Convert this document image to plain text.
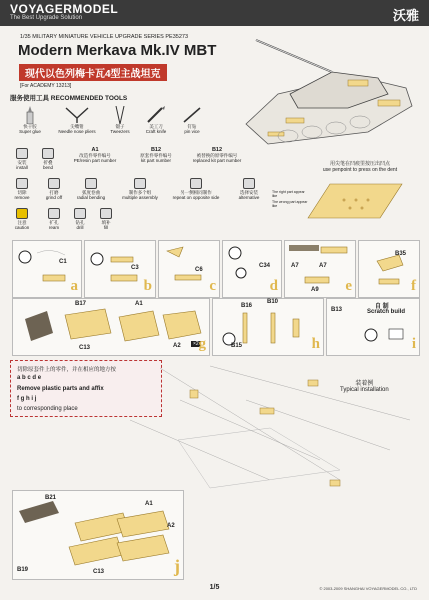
VOYAGERMODEL
The Best Upgrade Solution	沃雅
1/35 MILITARY MINIATURE VEHICLE UPGRADE SERIES PE35273
Modern Merkava Mk.IV MBT
现代以色列梅卡瓦4型主战坦克
[For ACADEMY 13213]
服务使用工具 RECOMMENDED TOOLS
快干胶
Super glue
尖嘴钳
Needle nose pliers
镊子
Tweezers
美工刀
Craft knife
钉钻
pin vice
安装
install
折叠
bend
A1
改造件零件编号
PE/resin part number
B12
原套件零件编号
kit part number
B12
被替换的原零件编号
replaced kit part number
切除
remove
打磨
grind off
弧度卷曲
radial bending
制作多个组
multiple assembly
另一侧相同制作
repeat on opposite side
选择安装
alternative
注意
caution
扩孔
ream
钻孔
drill
填补
fill
用尖笔在凹痕里按压出凹点
use penpoint to press on the dent
The right part appear like
The wrong part appear like
C1
a
C3
b
C6
c
C34
d
A7	A7
A9 e
B35
f
B17	A1
C13	A2	×2 g
B16
B10
B15	h
B13	自 制
Scratch build
i
切除原套件上的零件，并在相应的地方按
a b c d e
Remove plastic parts and affix
f g h i j
to corresponding place
装着例
Typical installation
B21
A1
A2
B19	C13	j
1/5	© 2003-2009 SHANGHAI VOYAGERMODEL CO., LTD
